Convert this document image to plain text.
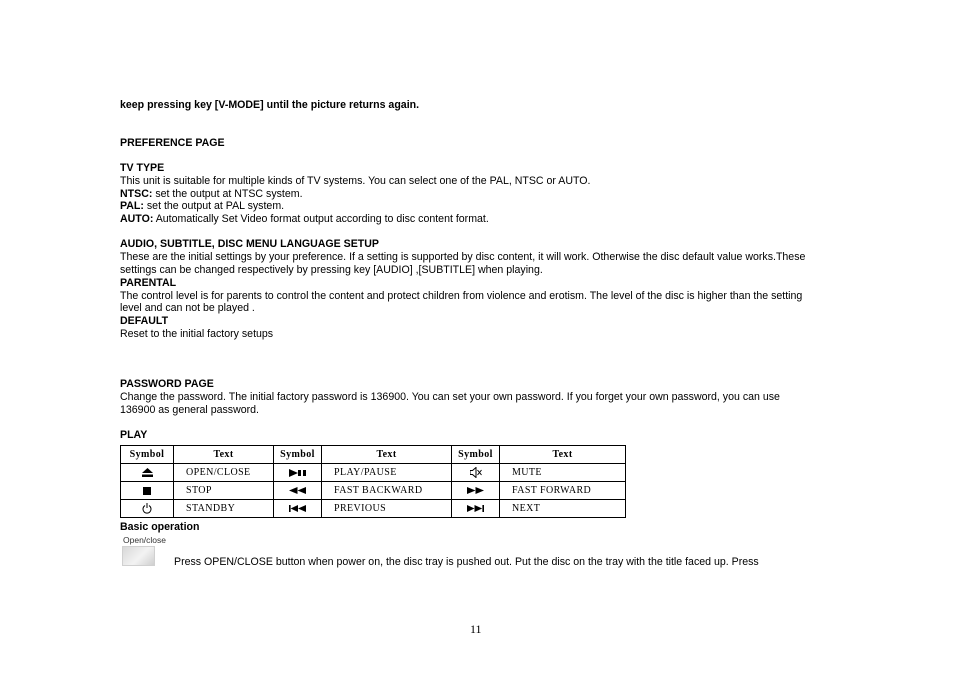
keep pressing key [V-MODE] until the picture returns again.
PREFERENCE PAGE
TV TYPE
This unit is suitable for multiple kinds of TV systems. You can select one of the PAL, NTSC or AUTO.
NTSC: set the output at NTSC system.
PAL: set the output at PAL system.
AUTO: Automatically Set Video format output according to disc content format.
AUDIO, SUBTITLE, DISC MENU LANGUAGE SETUP
These are the initial settings by your preference. If a setting is supported by disc content, it will work. Otherwise the disc default value works.These
settings can be changed respectively by pressing key [AUDIO] ,[SUBTITLE] when playing.
PARENTAL
The control level is for parents to control the content and protect children from violence and erotism. The level of the disc is higher than the setting
level and can not be played .
DEFAULT
Reset to the initial factory setups
PASSWORD PAGE
Change the password. The initial factory password is 136900. You can set your own password. If you forget your own password, you can use
136900 as general password.
PLAY
Symbol	Text	Symbol	Text	Symbol	Text

	OPEN/CLOSE		PLAY/PAUSE		MUTE

	STOP		FAST BACKWARD		FAST FORWARD

	STANDBY		PREVIOUS		NEXT
Basic operation
Open/close
Press OPEN/CLOSE button when power on, the disc tray is pushed out. Put the disc on the tray with the title faced up. Press
11
